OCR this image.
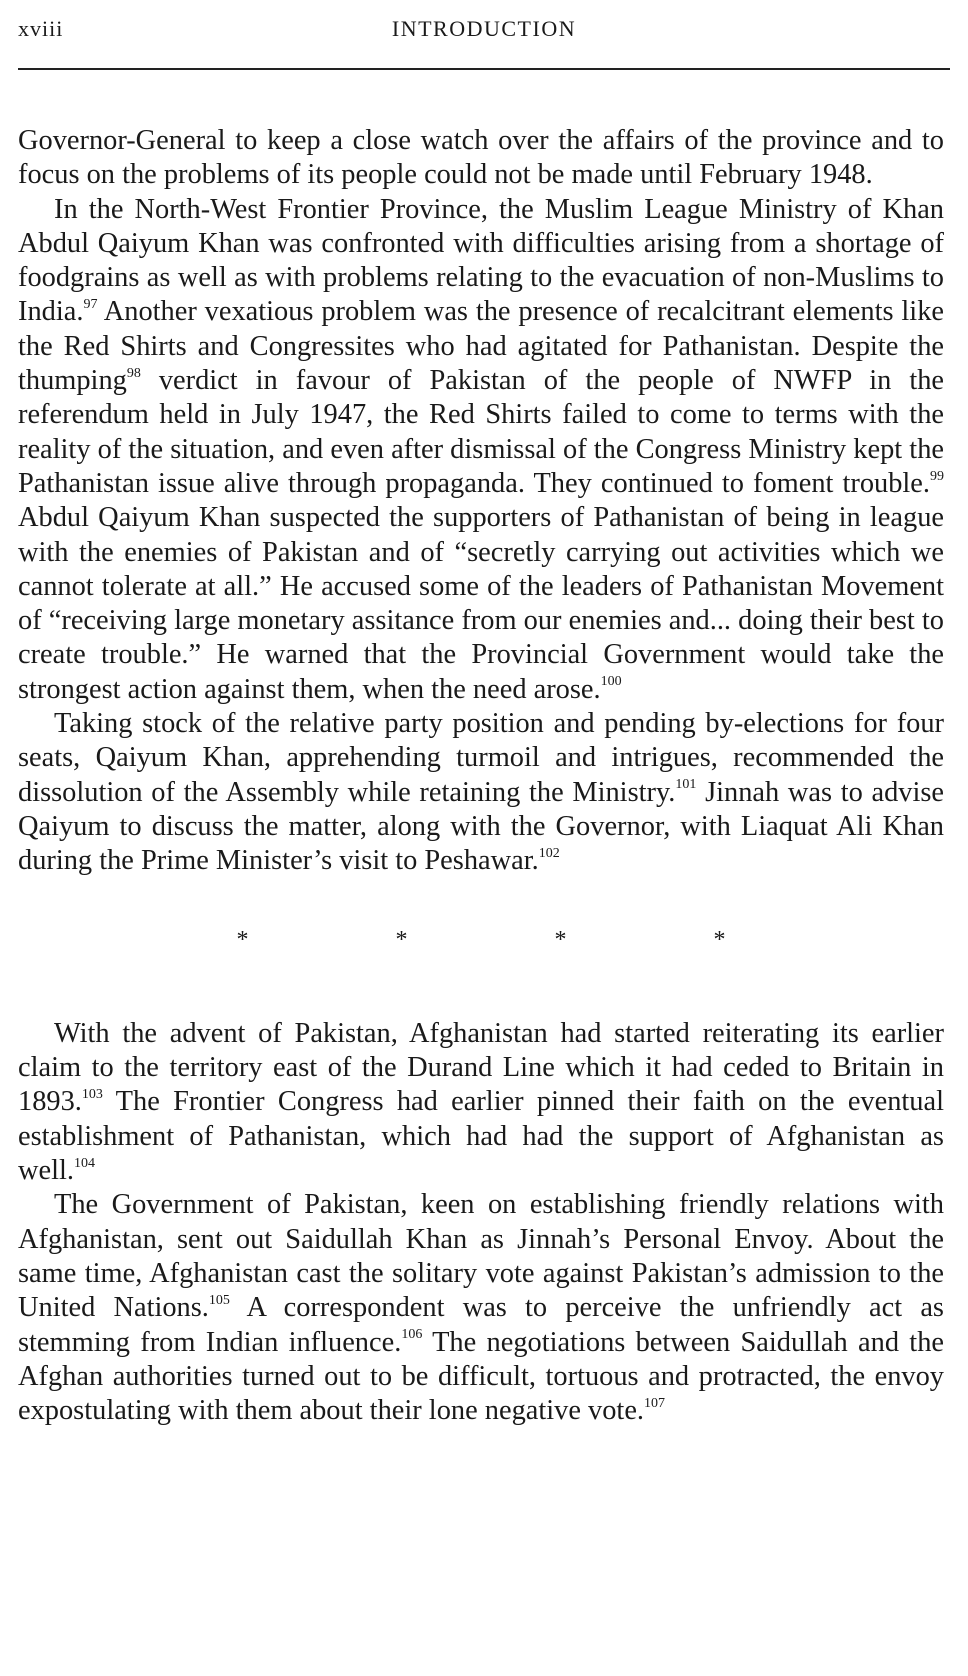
xviii	INTRODUCTION

Governor-General to keep a close watch over the affairs of the province and to focus on the problems of its people could not be made until February 1948.

In the North-West Frontier Province, the Muslim League Ministry of Khan Abdul Qaiyum Khan was confronted with difficulties arising from a shortage of foodgrains as well as with problems relating to the evacuation of non-Muslims to India.$^{97}$ Another vexatious problem was the presence of recalcitrant elements like the Red Shirts and Congressites who had agitated for Pathanistan. Despite the thumping$^{98}$ verdict in favour of Pakistan of the people of NWFP in the referendum held in July 1947, the Red Shirts failed to come to terms with the reality of the situation, and even after dismissal of the Congress Ministry kept the Pathanistan issue alive through propaganda. They continued to foment trouble.$^{99}$ Abdul Qaiyum Khan suspected the supporters of Pathanistan of being in league with the enemies of Pakistan and of “secretly carrying out activities which we cannot tolerate at all.” He accused some of the leaders of Pathanistan Movement of “receiving large monetary assitance from our enemies and... doing their best to create trouble.” He warned that the Provincial Government would take the strongest action against them, when the need arose.$^{100}$

Taking stock of the relative party position and pending by-elections for four seats, Qaiyum Khan, apprehending turmoil and intrigues, recommended the dissolution of the Assembly while retaining the Ministry.$^{101}$ Jinnah was to advise Qaiyum to discuss the matter, along with the Governor, with Liaquat Ali Khan during the Prime Minister’s visit to Peshawar.$^{102}$

*	*	*	*

With the advent of Pakistan, Afghanistan had started reiterating its earlier claim to the territory east of the Durand Line which it had ceded to Britain in 1893.$^{103}$ The Frontier Congress had earlier pinned their faith on the eventual establishment of Pathanistan, which had had the support of Afghanistan as well.$^{104}$

The Government of Pakistan, keen on establishing friendly relations with Afghanistan, sent out Saidullah Khan as Jinnah’s Personal Envoy. About the same time, Afghanistan cast the solitary vote against Pakistan’s admission to the United Nations.$^{105}$ A correspondent was to perceive the unfriendly act as stemming from Indian influence.$^{106}$ The negotiations between Saidullah and the Afghan authorities turned out to be difficult, tortuous and protracted, the envoy expostulating with them about their lone negative vote.$^{107}$
